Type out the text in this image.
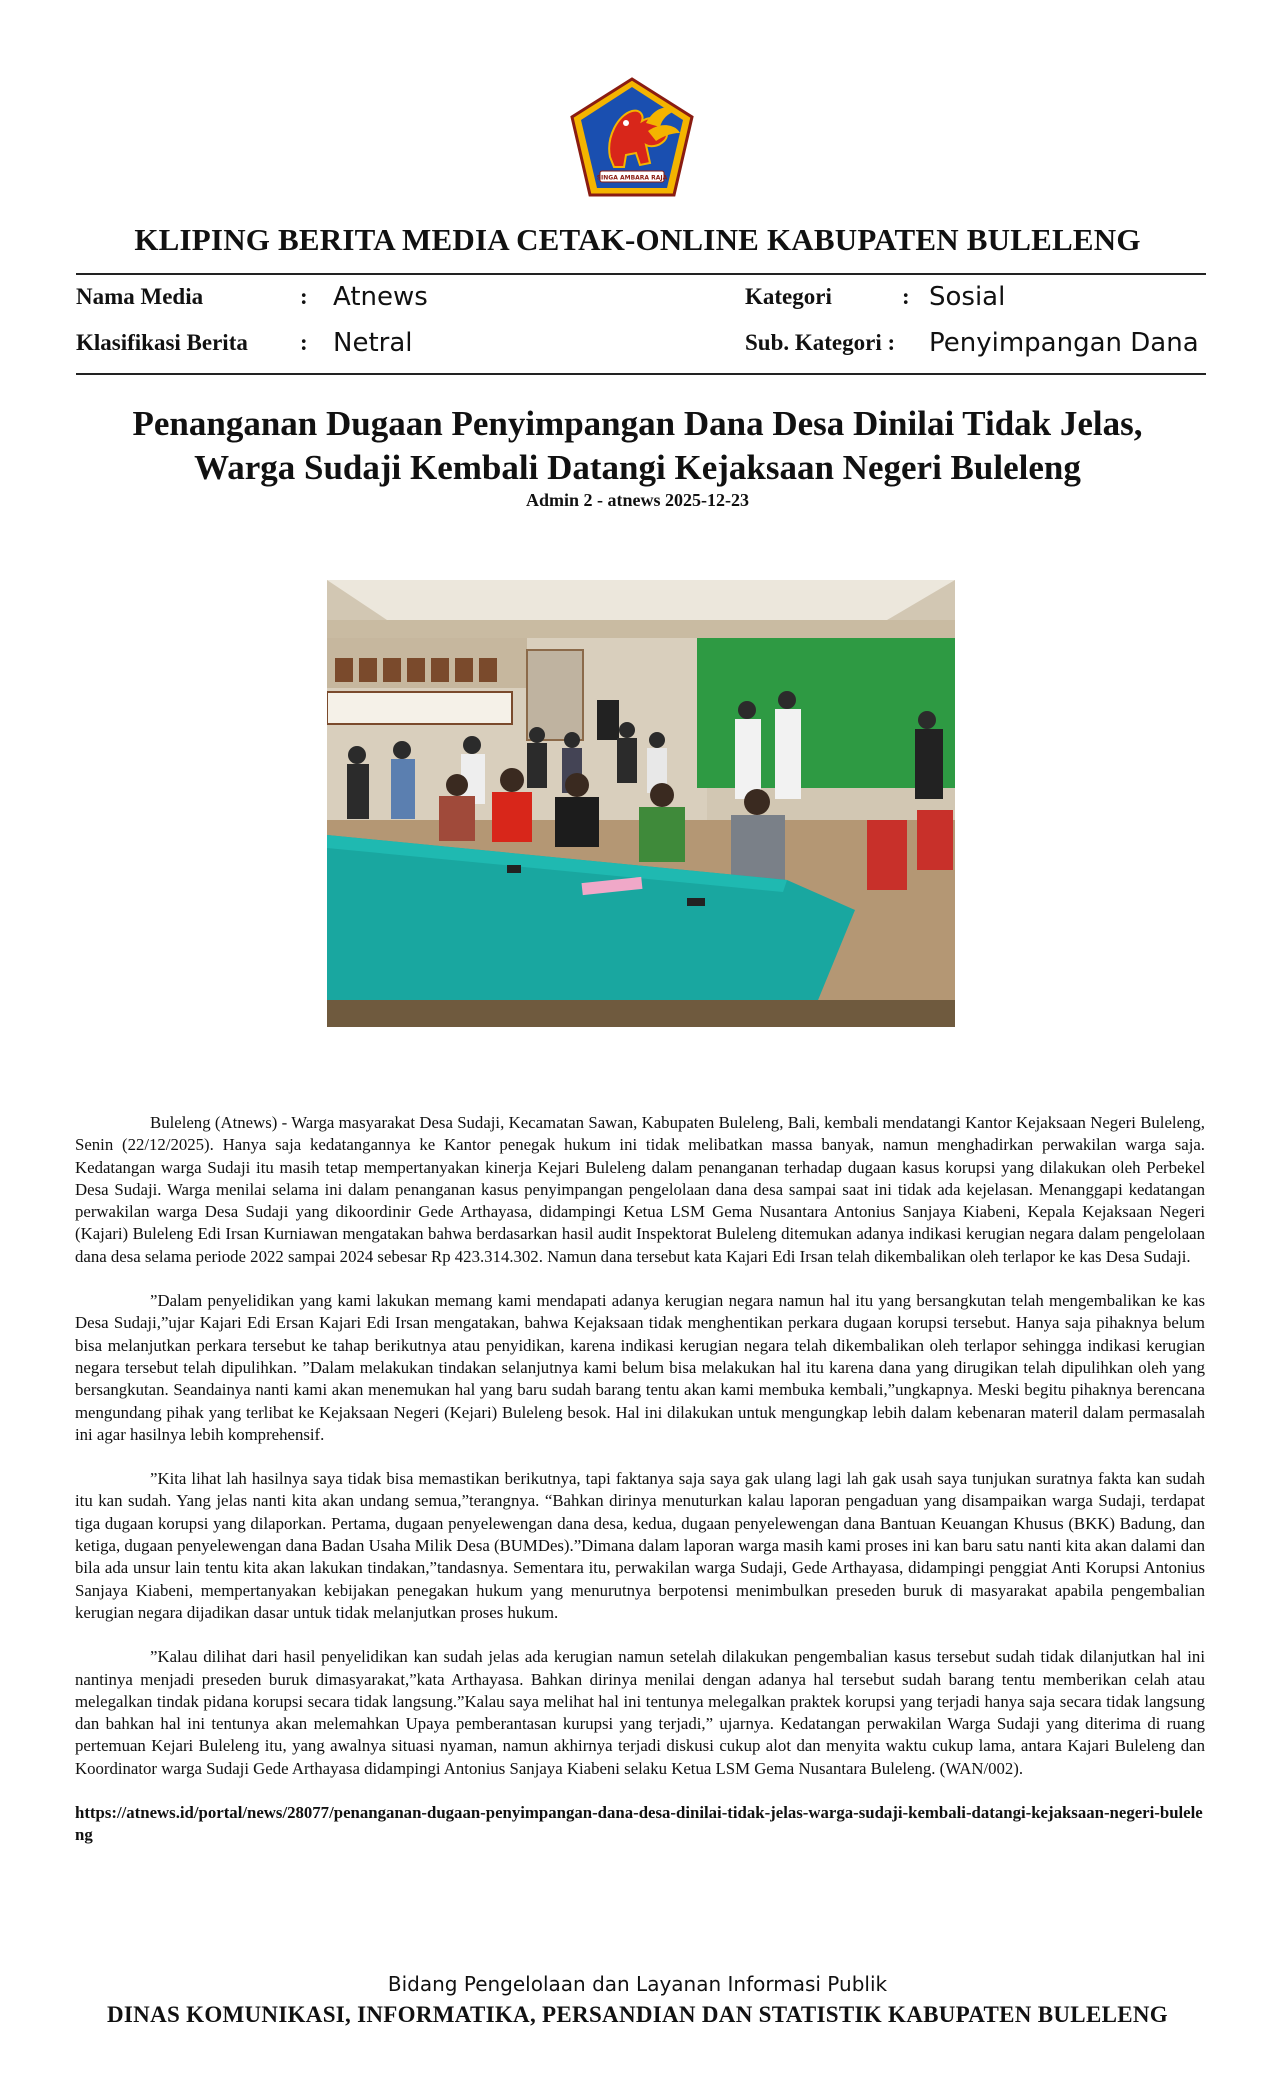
SINGA AMBARA RAJA
KLIPING BERITA MEDIA CETAK-ONLINE KABUPATEN BULELENG
Nama Media	: Atnews	Kategori	: Sosial
Klasifikasi Berita : Netral	Sub. Kategori : Penyimpangan Dana
Penanganan Dugaan Penyimpangan Dana Desa Dinilai Tidak Jelas,
Warga Sudaji Kembali Datangi Kejaksaan Negeri Buleleng
Admin 2 - atnews 2025-12-23

Buleleng (Atnews) - Warga masyarakat Desa Sudaji, Kecamatan Sawan, Kabupaten Buleleng, Bali, kembali mendatangi Kantor Kejaksaan Negeri Buleleng, Senin (22/12/2025). Hanya saja kedatangannya ke Kantor penegak hukum ini tidak melibatkan massa banyak, namun menghadirkan perwakilan warga saja. Kedatangan warga Sudaji itu masih tetap mempertanyakan kinerja Kejari Buleleng dalam penanganan terhadap dugaan kasus korupsi yang dilakukan oleh Perbekel Desa Sudaji. Warga menilai selama ini dalam penanganan kasus penyimpangan pengelolaan dana desa sampai saat ini tidak ada kejelasan. Menanggapi kedatangan perwakilan warga Desa Sudaji yang dikoordinir Gede Arthayasa, didampingi Ketua LSM Gema Nusantara Antonius Sanjaya Kiabeni, Kepala Kejaksaan Negeri (Kajari) Buleleng Edi Irsan Kurniawan mengatakan bahwa berdasarkan hasil audit Inspektorat Buleleng ditemukan adanya indikasi kerugian negara dalam pengelolaan dana desa selama periode 2022 sampai 2024 sebesar Rp 423.314.302. Namun dana tersebut kata Kajari Edi Irsan telah dikembalikan oleh terlapor ke kas Desa Sudaji.

”Dalam penyelidikan yang kami lakukan memang kami mendapati adanya kerugian negara namun hal itu yang bersangkutan telah mengembalikan ke kas Desa Sudaji,”ujar Kajari Edi Ersan Kajari Edi Irsan mengatakan, bahwa Kejaksaan tidak menghentikan perkara dugaan korupsi tersebut. Hanya saja pihaknya belum bisa melanjutkan perkara tersebut ke tahap berikutnya atau penyidikan, karena indikasi kerugian negara telah dikembalikan oleh terlapor sehingga indikasi kerugian negara tersebut telah dipulihkan. ”Dalam melakukan tindakan selanjutnya kami belum bisa melakukan hal itu karena dana yang dirugikan telah dipulihkan oleh yang bersangkutan. Seandainya nanti kami akan menemukan hal yang baru sudah barang tentu akan kami membuka kembali,”ungkapnya. Meski begitu pihaknya berencana mengundang pihak yang terlibat ke Kejaksaan Negeri (Kejari) Buleleng besok. Hal ini dilakukan untuk mengungkap lebih dalam kebenaran materil dalam permasalah ini agar hasilnya lebih komprehensif.

”Kita lihat lah hasilnya saya tidak bisa memastikan berikutnya, tapi faktanya saja saya gak ulang lagi lah gak usah saya tunjukan suratnya fakta kan sudah itu kan sudah. Yang jelas nanti kita akan undang semua,”terangnya. “Bahkan dirinya menuturkan kalau laporan pengaduan yang disampaikan warga Sudaji, terdapat tiga dugaan korupsi yang dilaporkan. Pertama, dugaan penyelewengan dana desa, kedua, dugaan penyelewengan dana Bantuan Keuangan Khusus (BKK) Badung, dan ketiga, dugaan penyelewengan dana Badan Usaha Milik Desa (BUMDes).”Dimana dalam laporan warga masih kami proses ini kan baru satu nanti kita akan dalami dan bila ada unsur lain tentu kita akan lakukan tindakan,”tandasnya. Sementara itu, perwakilan warga Sudaji, Gede Arthayasa, didampingi penggiat Anti Korupsi Antonius Sanjaya Kiabeni, mempertanyakan kebijakan penegakan hukum yang menurutnya berpotensi menimbulkan preseden buruk di masyarakat apabila pengembalian kerugian negara dijadikan dasar untuk tidak melanjutkan proses hukum.

”Kalau dilihat dari hasil penyelidikan kan sudah jelas ada kerugian namun setelah dilakukan pengembalian kasus tersebut sudah tidak dilanjutkan hal ini nantinya menjadi preseden buruk dimasyarakat,”kata Arthayasa. Bahkan dirinya menilai dengan adanya hal tersebut sudah barang tentu memberikan celah atau melegalkan tindak pidana korupsi secara tidak langsung.”Kalau saya melihat hal ini tentunya melegalkan praktek korupsi yang terjadi hanya saja secara tidak langsung dan bahkan hal ini tentunya akan melemahkan Upaya pemberantasan kurupsi yang terjadi,” ujarnya. Kedatangan perwakilan Warga Sudaji yang diterima di ruang pertemuan Kejari Buleleng itu, yang awalnya situasi nyaman, namun akhirnya terjadi diskusi cukup alot dan menyita waktu cukup lama, antara Kajari Buleleng dan Koordinator warga Sudaji Gede Arthayasa didampingi Antonius Sanjaya Kiabeni selaku Ketua LSM Gema Nusantara Buleleng. (WAN/002).

https://atnews.id/portal/news/28077/penanganan-dugaan-penyimpangan-dana-desa-dinilai-tidak-jelas-warga-sudaji-kembali-datangi-kejaksaan-negeri-buleleng
Bidang Pengelolaan dan Layanan Informasi Publik
DINAS KOMUNIKASI, INFORMATIKA, PERSANDIAN DAN STATISTIK KABUPATEN BULELENG
